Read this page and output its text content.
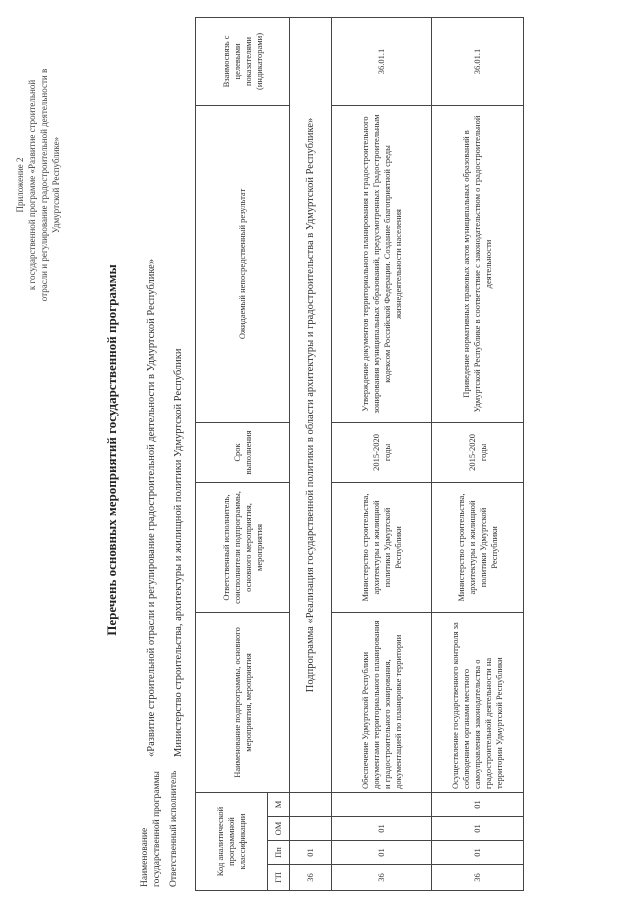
Приложение 2
к государственной программе «Развитие строительной отрасли и регулирование градостроительной деятельности в Удмуртской Республике»
Перечень основных мероприятий государственной программы
Наименование государственной программы
«Развитие строительной отрасли и регулирование градостроительной деятельности в Удмуртской Республике»
Ответственный исполнитель
Министерство строительства, архитектуры и жилищной политики Удмуртской Республики
Код аналитической программной классификации				Наименование подпрограммы, основного мероприятия, мероприятия	Ответственный исполнитель, соисполнители подпрограммы, основного мероприятия, мероприятия	Срок выполнения	Ожидаемый непосредственный результат	Взаимосвязь с целевыми показателями (индикаторами)
ГП	Пп	ОМ	М					
36	01			Подпрограмма «Реализация государственной политики в области архитектуры и градостроительства в Удмуртской Республике»				
36	01	01		Обеспечение Удмуртской Республики документами территориального планирования и градостроительного зонирования, документацией по планировке территории	Министерство строительства, архитектуры и жилищной политики Удмуртской Республики	2015-2020 годы	Утверждение документов территориального планирования и градостроительного зонирования муниципальных образований, предусмотренных Градостроительным кодексом Российской Федерации. Создание благоприятной среды жизнедеятельности населения	36.01.1
36	01	01	01	Осуществление государственного контроля за соблюдением органами местного самоуправления законодательства о градостроительной деятельности на территории Удмуртской Республики	Министерство строительства, архитектуры и жилищной политики Удмуртской Республики	2015-2020 годы	Приведение нормативных правовых актов муниципальных образований в Удмуртской Республике в соответствие с законодательством о градостроительной деятельности	36.01.1
